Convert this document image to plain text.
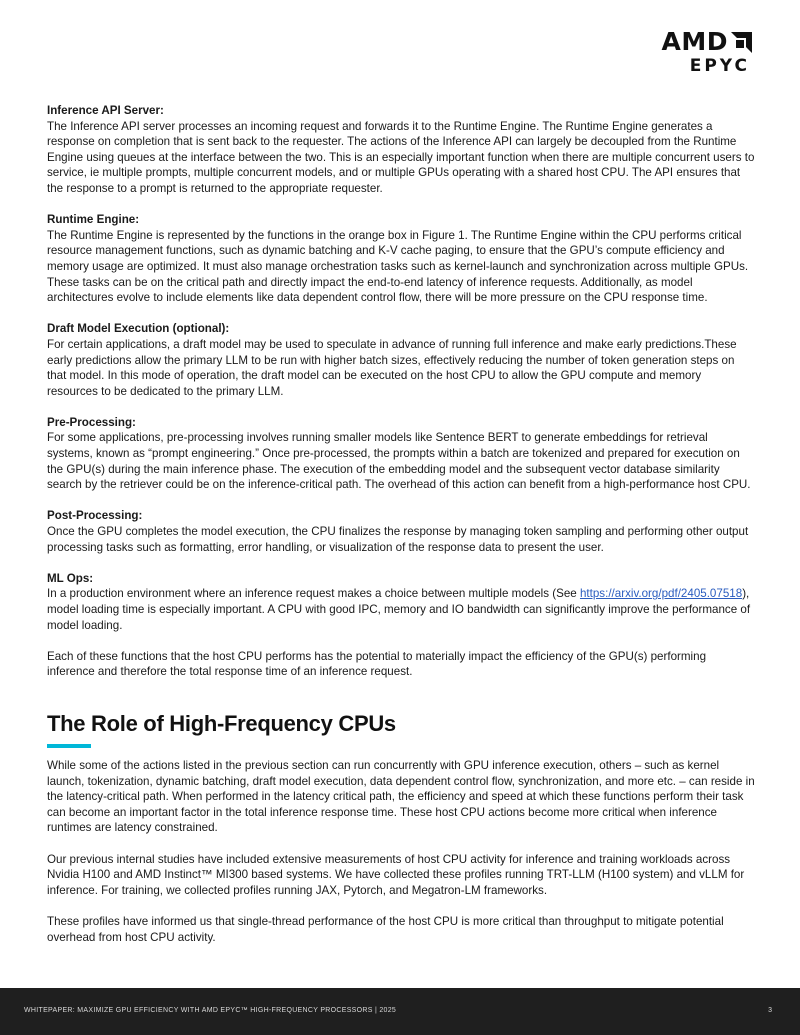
AMD
EPYC

Inference API Server:

The Inference API server processes an incoming request and forwards it to the Runtime Engine. The Runtime Engine generates a response on completion that is sent back to the requester. The actions of the Inference API can largely be decoupled from the Runtime Engine using queues at the interface between the two. This is an especially important function when there are multiple concurrent users to service, ie multiple prompts, multiple concurrent models, and or multiple GPUs operating with a shared host CPU. The API ensures that the response to a prompt is returned to the appropriate requester.

Runtime Engine:

The Runtime Engine is represented by the functions in the orange box in Figure 1. The Runtime Engine within the CPU performs critical resource management functions, such as dynamic batching and K-V cache paging, to ensure that the GPU’s compute efficiency and memory usage are optimized. It must also manage orchestration tasks such as kernel-launch and synchronization across multiple GPUs. These tasks can be on the critical path and directly impact the end-to-end latency of inference requests. Additionally, as model architectures evolve to include elements like data dependent control flow, there will be more pressure on the CPU response time.

Draft Model Execution (optional):

For certain applications, a draft model may be used to speculate in advance of running full inference and make early predictions.These early predictions allow the primary LLM to be run with higher batch sizes, effectively reducing the number of token generation steps on that model. In this mode of operation, the draft model can be executed on the host CPU to allow the GPU compute and memory resources to be dedicated to the primary LLM.

Pre-Processing:

For some applications, pre-processing involves running smaller models like Sentence BERT to generate embeddings for retrieval systems, known as “prompt engineering.” Once pre-processed, the prompts within a batch are tokenized and prepared for execution on the GPU(s) during the main inference phase. The execution of the embedding model and the subsequent vector database similarity search by the retriever could be on the inference-critical path. The overhead of this action can benefit from a high-performance host CPU.

Post-Processing:

Once the GPU completes the model execution, the CPU finalizes the response by managing token sampling and performing other output processing tasks such as formatting, error handling, or visualization of the response data to present the user.

ML Ops:

In a production environment where an inference request makes a choice between multiple models (See https://arxiv.org/pdf/2405.07518), model loading time is especially important. A CPU with good IPC, memory and IO bandwidth can significantly improve the performance of model loading.

Each of these functions that the host CPU performs has the potential to materially impact the efficiency of the GPU(s) performing inference and therefore the total response time of an inference request.

The Role of High-Frequency CPUs

While some of the actions listed in the previous section can run concurrently with GPU inference execution, others – such as kernel launch, tokenization, dynamic batching, draft model execution, data dependent control flow, synchronization, and more etc. – can reside in the latency-critical path. When performed in the latency critical path, the efficiency and speed at which these functions perform their task can become an important factor in the total inference response time. These host CPU actions become more critical when inference runtimes are latency constrained.

Our previous internal studies have included extensive measurements of host CPU activity for inference and training workloads across Nvidia H100 and AMD Instinct™ MI300 based systems. We have collected these profiles running TRT-LLM (H100 system) and vLLM for inference. For training, we collected profiles running JAX, Pytorch, and Megatron-LM frameworks.

These profiles have informed us that single-thread performance of the host CPU is more critical than throughput to mitigate potential overhead from host CPU activity.

WHITEPAPER: MAXIMIZE GPU EFFICIENCY WITH AMD EPYC™ HIGH-FREQUENCY PROCESSORS | 2025	3
